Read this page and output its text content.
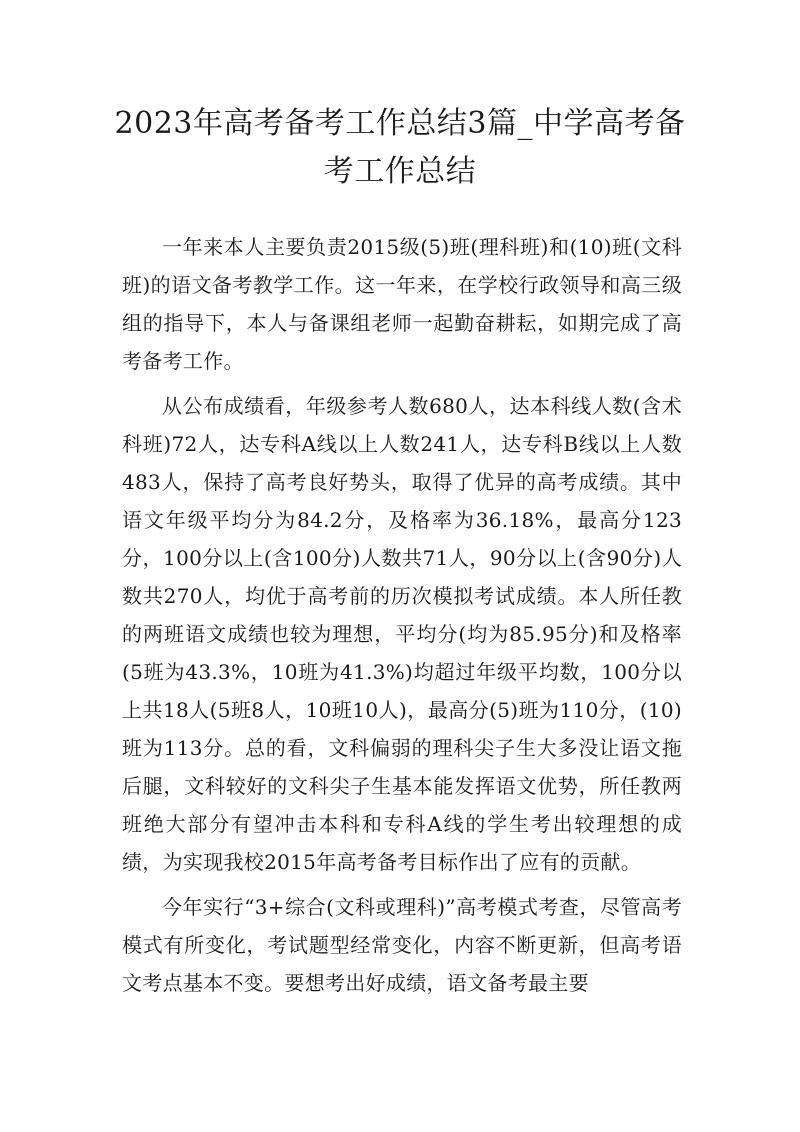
2023年高考备考工作总结3篇_中学高考备考工作总结

一年来本人主要负责2015级(5)班(理科班)和(10)班(文科班)的语文备考教学工作。这一年来，在学校行政领导和高三级组的指导下，本人与备课组老师一起勤奋耕耘，如期完成了高考备考工作。

从公布成绩看，年级参考人数680人，达本科线人数(含术科班)72人，达专科A线以上人数241人，达专科B线以上人数483人，保持了高考良好势头，取得了优异的高考成绩。其中语文年级平均分为84.2分，及格率为36.18%，最高分123分，100分以上(含100分)人数共71人，90分以上(含90分)人数共270人，均优于高考前的历次模拟考试成绩。本人所任教的两班语文成绩也较为理想，平均分(均为85.95分)和及格率(5班为43.3%，10班为41.3%)均超过年级平均数，100分以上共18人(5班8人，10班10人)，最高分(5)班为110分，(10)班为113分。总的看，文科偏弱的理科尖子生大多没让语文拖后腿，文科较好的文科尖子生基本能发挥语文优势，所任教两班绝大部分有望冲击本科和专科A线的学生考出较理想的成绩，为实现我校2015年高考备考目标作出了应有的贡献。

今年实行“3+综合(文科或理科)”高考模式考查，尽管高考模式有所变化，考试题型经常变化，内容不断更新，但高考语文考点基本不变。要想考出好成绩，语文备考最主要
